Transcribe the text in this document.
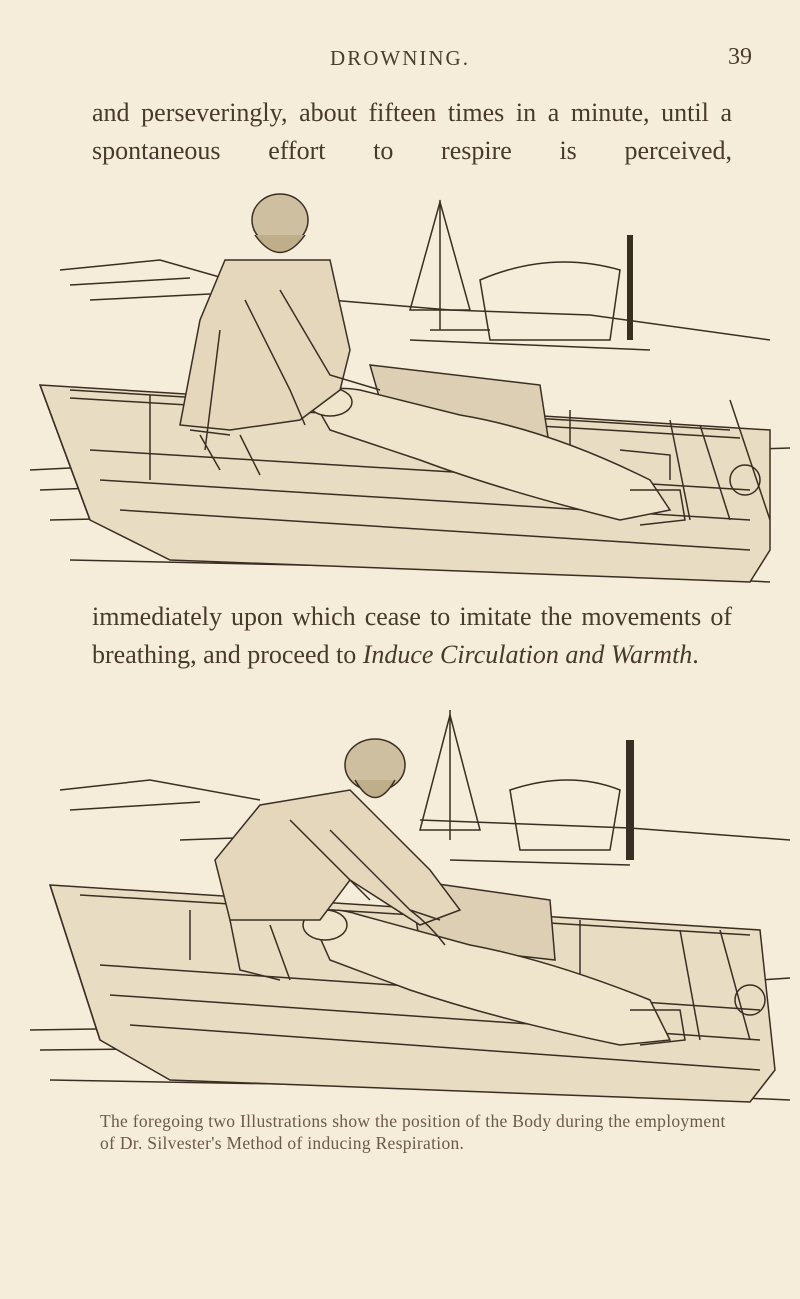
DROWNING.	39
and perseveringly, about fifteen times in a minute, until a spontaneous effort to respire is perceived,
immediately upon which cease to imitate the movements of breathing, and proceed to Induce Circulation and Warmth.
The foregoing two Illustrations show the position of the Body during the employment of Dr. Silvester's Method of inducing Respiration.
